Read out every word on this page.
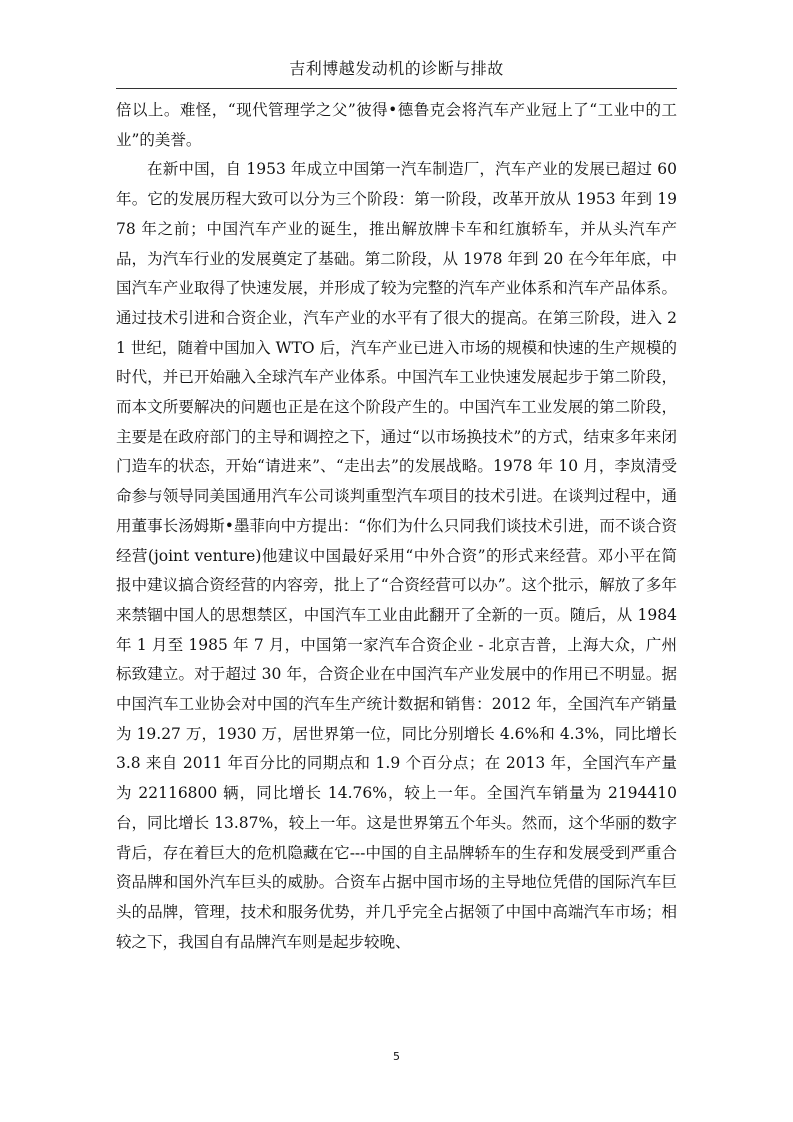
吉利博越发动机的诊断与排故

倍以上。难怪，“现代管理学之父”彼得•德鲁克会将汽车产业冠上了“工业中的工业”的美誉。

在新中国，自 1953 年成立中国第一汽车制造厂，汽车产业的发展已超过 60 年。它的发展历程大致可以分为三个阶段：第一阶段，改革开放从 1953 年到 1978 年之前；中国汽车产业的诞生，推出解放牌卡车和红旗轿车，并从头汽车产品，为汽车行业的发展奠定了基础。第二阶段，从 1978 年到 20 在今年年底，中国汽车产业取得了快速发展，并形成了较为完整的汽车产业体系和汽车产品体系。通过技术引进和合资企业，汽车产业的水平有了很大的提高。在第三阶段，进入 21 世纪，随着中国加入 WTO 后，汽车产业已进入市场的规模和快速的生产规模的时代，并已开始融入全球汽车产业体系。中国汽车工业快速发展起步于第二阶段，而本文所要解决的问题也正是在这个阶段产生的。中国汽车工业发展的第二阶段，主要是在政府部门的主导和调控之下，通过“以市场换技术”的方式，结束多年来闭门造车的状态，开始“请进来”、“走出去”的发展战略。1978 年 10 月，李岚清受命参与领导同美国通用汽车公司谈判重型汽车项目的技术引进。在谈判过程中，通用董事长汤姆斯•墨菲向中方提出：“你们为什么只同我们谈技术引进，而不谈合资经营(joint venture)他建议中国最好采用“中外合资”的形式来经营。邓小平在简报中建议搞合资经营的内容旁，批上了“合资经营可以办”。这个批示，解放了多年来禁锢中国人的思想禁区，中国汽车工业由此翻开了全新的一页。随后，从 1984 年 1 月至 1985 年 7 月，中国第一家汽车合资企业 - 北京吉普，上海大众，广州标致建立。对于超过 30 年，合资企业在中国汽车产业发展中的作用已不明显。据中国汽车工业协会对中国的汽车生产统计数据和销售：2012 年，全国汽车产销量为 19.27 万，1930 万，居世界第一位，同比分别增长 4.6%和 4.3%，同比增长 3.8 来自 2011 年百分比的同期点和 1.9 个百分点；在 2013 年，全国汽车产量为 22116800 辆，同比增长 14.76%，较上一年。全国汽车销量为 2194410 台，同比增长 13.87%，较上一年。这是世界第五个年头。然而，这个华丽的数字背后，存在着巨大的危机隐藏在它---中国的自主品牌轿车的生存和发展受到严重合资品牌和国外汽车巨头的威胁。合资车占据中国市场的主导地位凭借的国际汽车巨头的品牌，管理，技术和服务优势，并几乎完全占据领了中国中高端汽车市场；相较之下，我国自有品牌汽车则是起步较晚、

5
